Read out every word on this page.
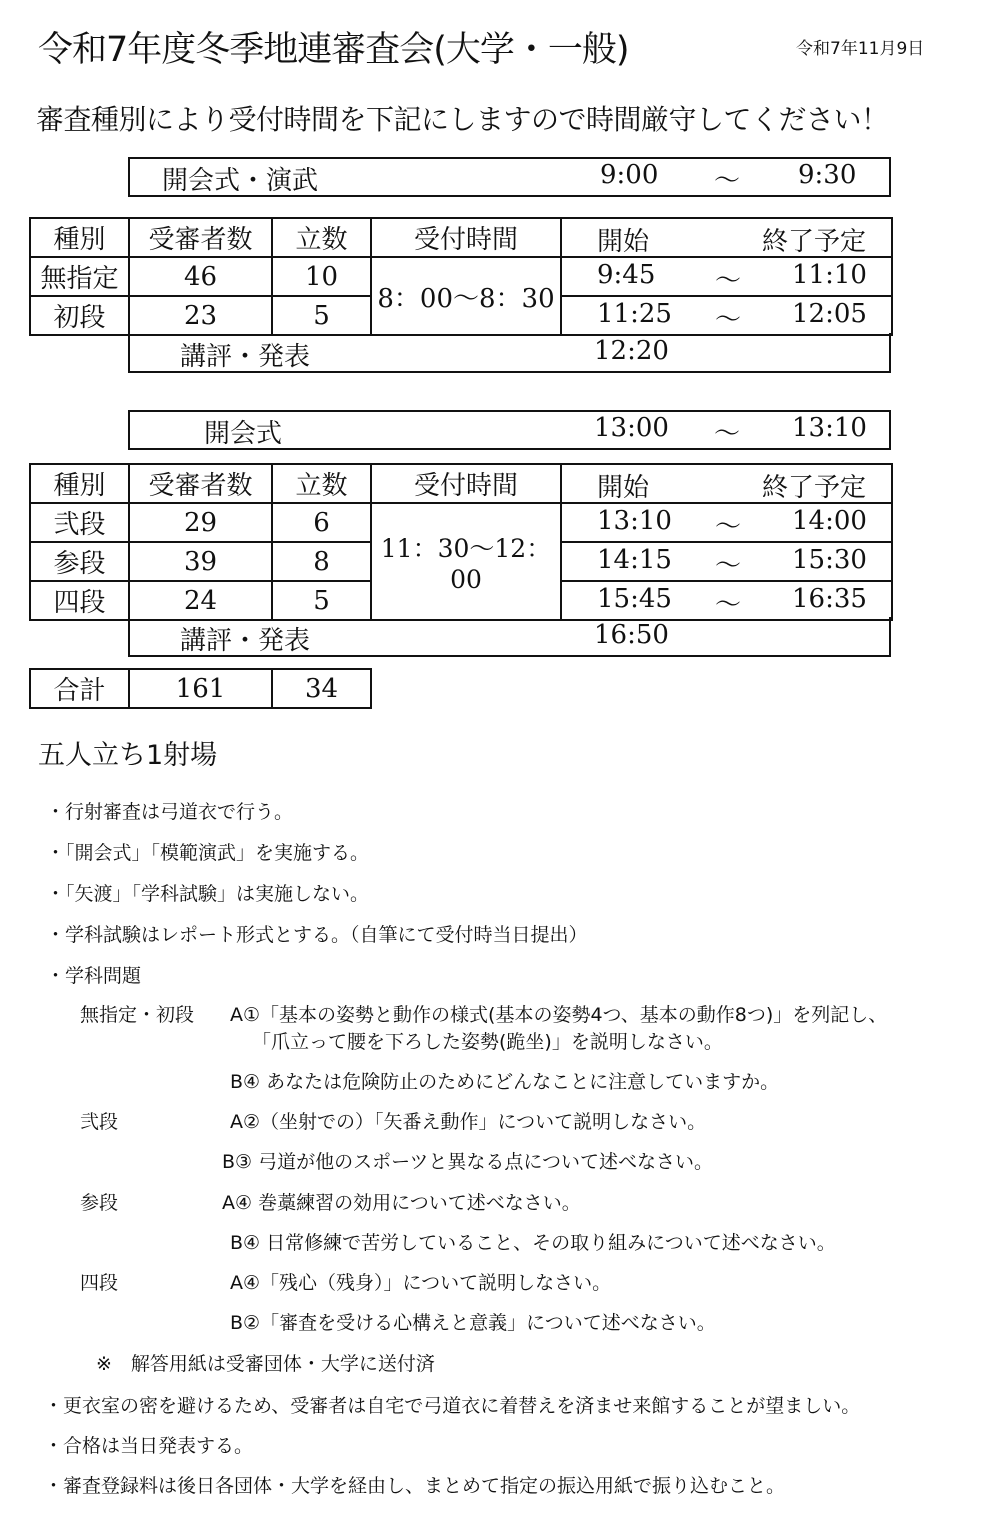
令和7年度冬季地連審査会(大学・一般)	令和7年11月9日
審査種別により受付時間を下記にしますので時間厳守してください！
開会式・演武	9:00 ～ 9:30
種別	受審者数	立数	受付時間	開始 終了予定

無指定	46	10	8：00～8：30	9:45 ～ 11:10

初段	23	5		11:25 ～ 12:05
講評・発表	12:20
開会式	13:00 ～ 13:10
種別	受審者数	立数	受付時間	開始 終了予定

弐段	29	6	11：30～12：00	13:10 ～ 14:00

参段	39	8		14:15 ～ 15:30

四段	24	5		15:45 ～ 16:35
講評・発表	16:50
合計	161	34
五人立ち1射場
・行射審査は弓道衣で行う。
・「開会式」「模範演武」を実施する。
・「矢渡」「学科試験」は実施しない。
・学科試験はレポート形式とする。（自筆にて受付時当日提出）
・学科問題
無指定・初段 A①「基本の姿勢と動作の様式(基本の姿勢4つ、基本の動作8つ)」を列記し、
「爪立って腰を下ろした姿勢(跪坐)」を説明しなさい。
B④ あなたは危険防止のためにどんなことに注意していますか。
弐段	A②（坐射での）「矢番え動作」について説明しなさい。
B③ 弓道が他のスポーツと異なる点について述べなさい。
参段	A④ 巻藁練習の効用について述べなさい。
B④ 日常修練で苦労していること、その取り組みについて述べなさい。
四段	A④「残心（残身）」について説明しなさい。
B②「審査を受ける心構えと意義」について述べなさい。
※　解答用紙は受審団体・大学に送付済
・更衣室の密を避けるため、受審者は自宅で弓道衣に着替えを済ませ来館することが望ましい。
・合格は当日発表する。
・審査登録料は後日各団体・大学を経由し、まとめて指定の振込用紙で振り込むこと。
